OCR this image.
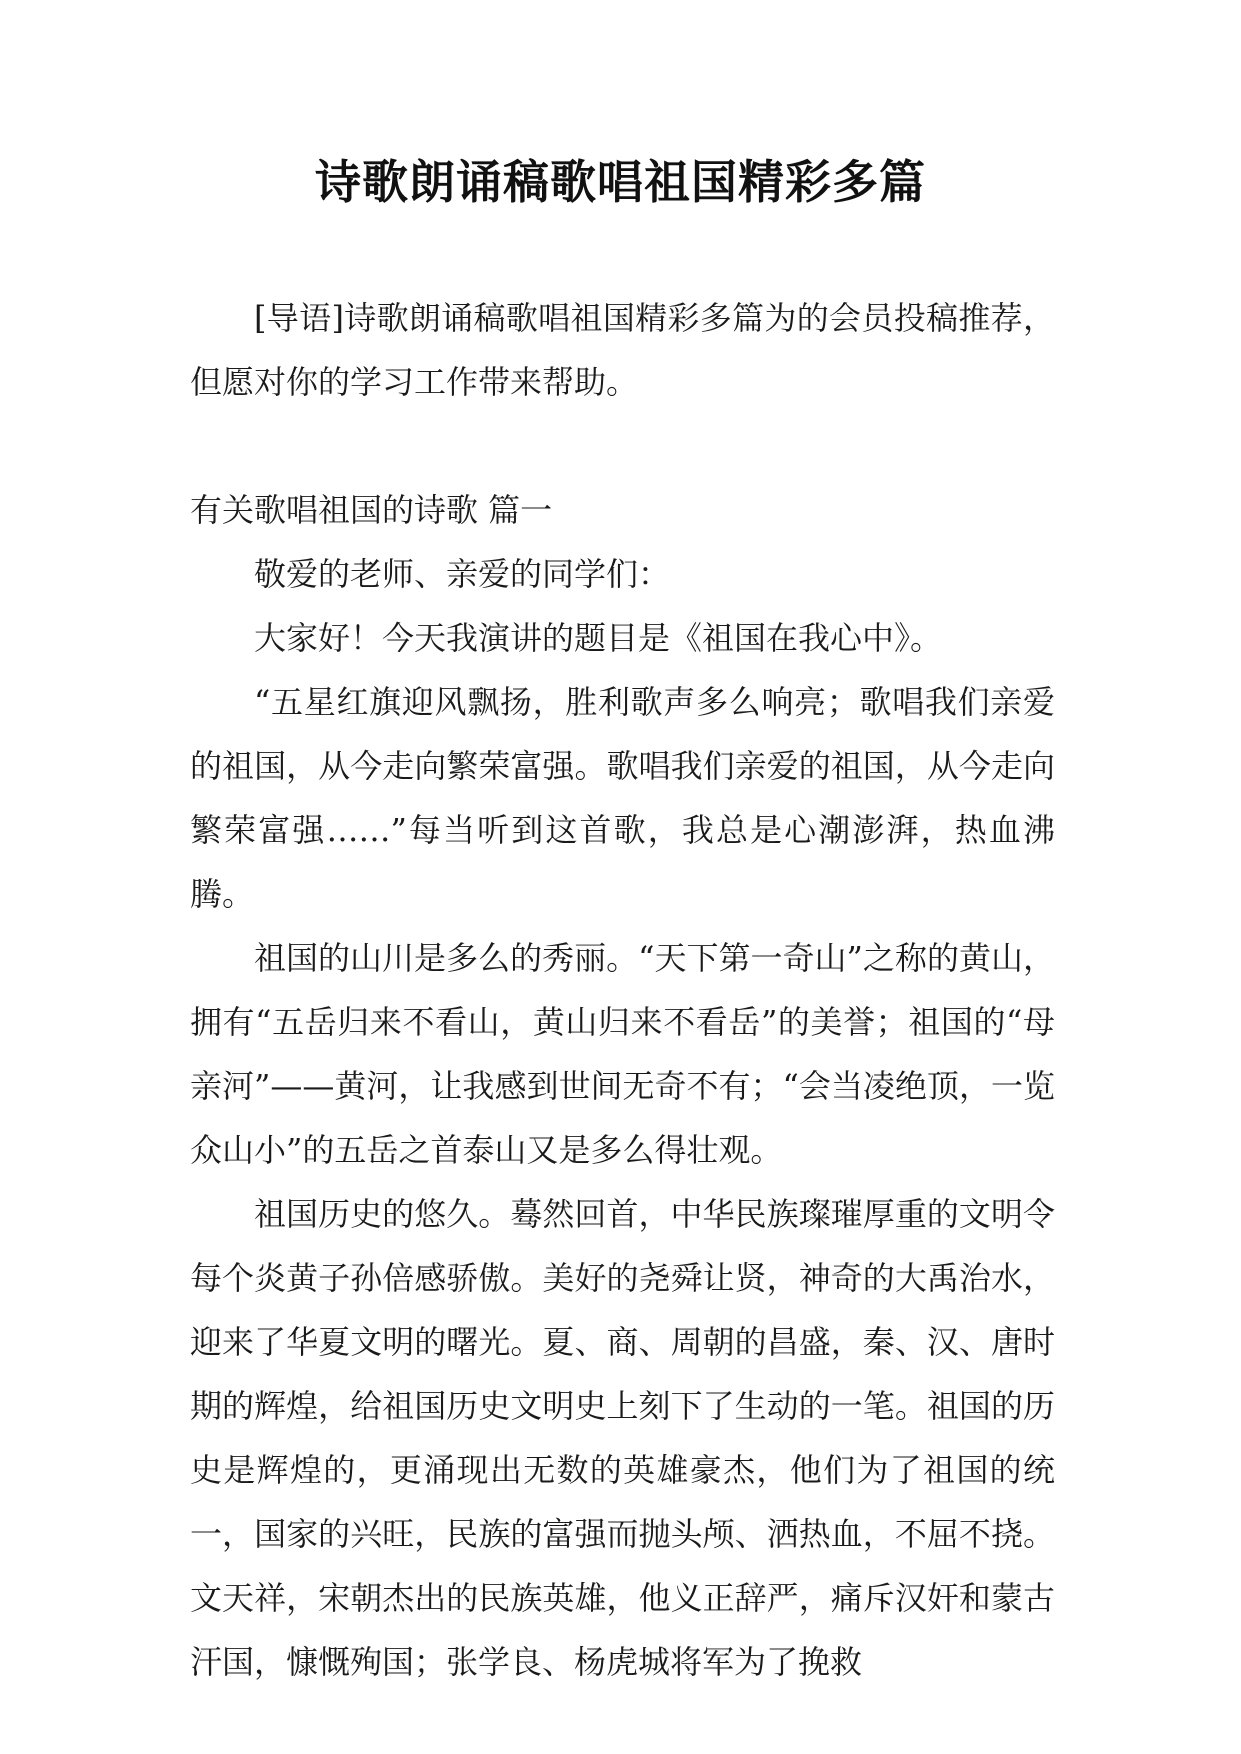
诗歌朗诵稿歌唱祖国精彩多篇

[导语]诗歌朗诵稿歌唱祖国精彩多篇为的会员投稿推荐，但愿对你的学习工作带来帮助。

有关歌唱祖国的诗歌 篇一

敬爱的老师、亲爱的同学们：

大家好！今天我演讲的题目是《祖国在我心中》。

“五星红旗迎风飘扬，胜利歌声多么响亮；歌唱我们亲爱的祖国，从今走向繁荣富强。歌唱我们亲爱的祖国，从今走向繁荣富强……”每当听到这首歌，我总是心潮澎湃，热血沸腾。

祖国的山川是多么的秀丽。“天下第一奇山”之称的黄山，拥有“五岳归来不看山，黄山归来不看岳”的美誉；祖国的“母亲河”——黄河，让我感到世间无奇不有；“会当凌绝顶，一览众山小”的五岳之首泰山又是多么得壮观。

祖国历史的悠久。蓦然回首，中华民族璨璀厚重的文明令每个炎黄子孙倍感骄傲。美好的尧舜让贤，神奇的大禹治水，迎来了华夏文明的曙光。夏、商、周朝的昌盛，秦、汉、唐时期的辉煌，给祖国历史文明史上刻下了生动的一笔。祖国的历史是辉煌的，更涌现出无数的英雄豪杰，他们为了祖国的统一，国家的兴旺，民族的富强而抛头颅、洒热血，不屈不挠。文天祥，宋朝杰出的民族英雄，他义正辞严，痛斥汉奸和蒙古汗国，慷慨殉国；张学良、杨虎城将军为了挽救
